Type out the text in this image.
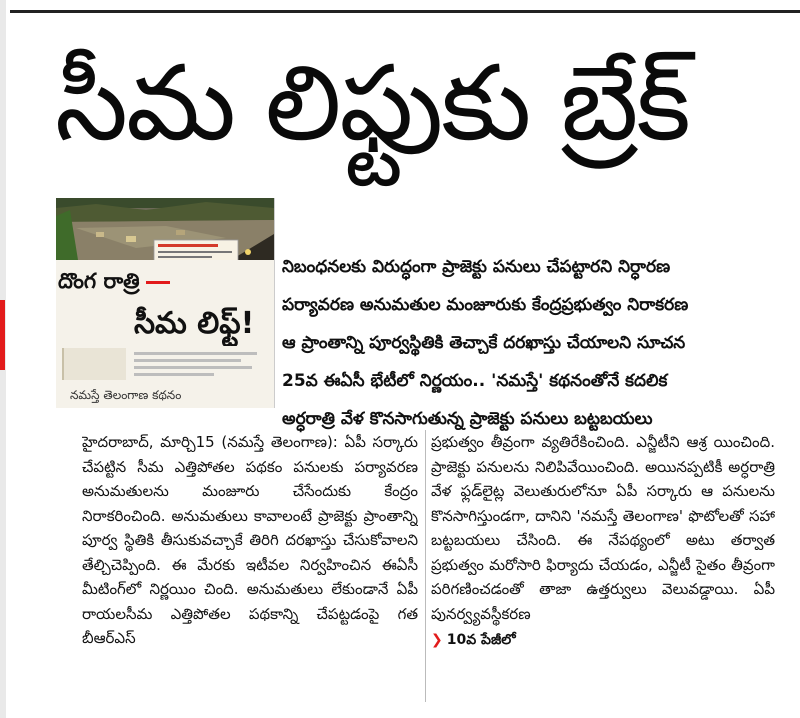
సీమ లిఫ్టుకు బ్రేక్
దొంగ రాత్రి
సీమ లిఫ్ట్!
నమస్తే తెలంగాణ కథనం
నిబంధనలకు విరుద్ధంగా ప్రాజెక్టు పనులు చేపట్టారని నిర్ధారణ
పర్యావరణ అనుమతుల మంజూరుకు కేంద్రప్రభుత్వం నిరాకరణ
ఆ ప్రాంతాన్ని పూర్వస్థితికి తెచ్చాకే దరఖాస్తు చేయాలని సూచన
25వ ఈఏసీ భేటీలో నిర్ణయం.. 'నమస్తే' కథనంతోనే కదలిక
అర్ధరాత్రి వేళ కొనసాగుతున్న ప్రాజెక్టు పనులు బట్టబయలు

హైదరాబాద్, మార్చి15 (నమస్తే తెలంగాణ): ఏపీ సర్కారు చేపట్టిన సీమ ఎత్తిపోతల పథకం పనులకు పర్యావరణ అనుమతులను మంజూరు చేసేందుకు కేంద్రం నిరాకరించింది. అనుమతులు కావాలంటే ప్రాజెక్టు ప్రాంతాన్ని పూర్వ స్థితికి తీసుకువచ్చాకే తిరిగి దరఖాస్తు చేసుకోవాలని తేల్చిచెప్పింది. ఈ మేరకు ఇటీవల నిర్వహించిన ఈఏసీ మీటింగ్‌లో నిర్ణయిం చింది. అనుమతులు లేకుండానే ఏపీ రాయలసీమ ఎత్తిపోతల పథకాన్ని చేపట్టడంపై గత బీఆర్‌ఎస్

ప్రభుత్వం తీవ్రంగా వ్యతిరేకించింది. ఎన్జీటీని ఆశ్ర యించింది. ప్రాజెక్టు పనులను నిలిపివేయించింది. అయినప్పటికీ అర్ధరాత్రి వేళ ఫ్లడ్‌లైట్ల వెలుతురులోనూ ఏపీ సర్కారు ఆ పనులను కొనసాగిస్తుండగా, దానిని 'నమస్తే తెలంగాణ' ఫొటోలతో సహా బట్టబయలు చేసింది. ఈ నేపథ్యంలో అటు తర్వాత ప్రభుత్వం మరోసారి ఫిర్యాదు చేయడం, ఎన్జీటీ సైతం తీవ్రంగా పరిగణించడంతో తాజా ఉత్తర్వులు వెలువడ్డాయి. ఏపీ పునర్వ్యవస్థీకరణ

❯ 10వ పేజీలో
